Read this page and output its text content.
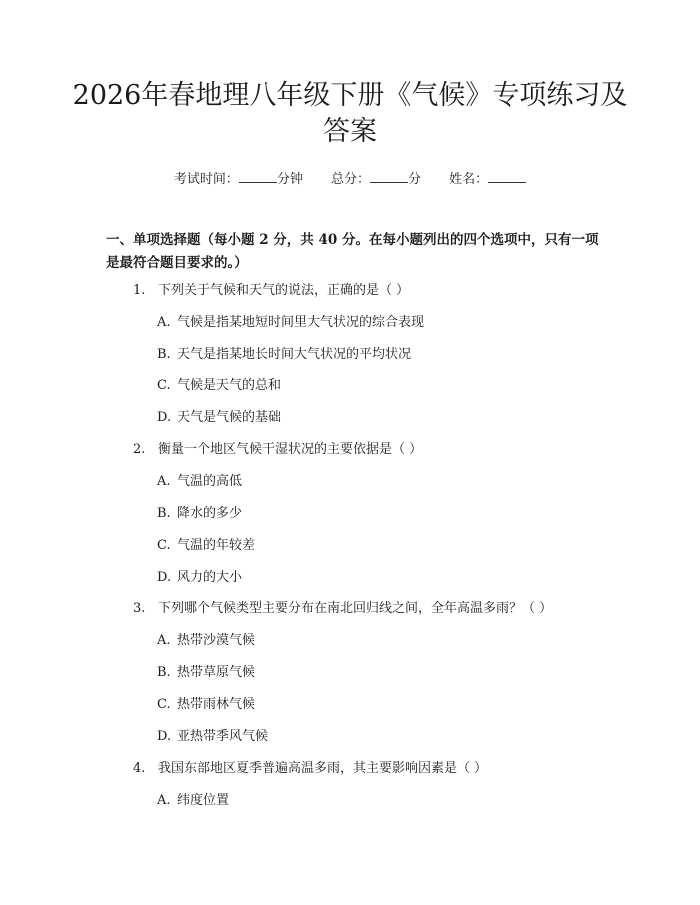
2026年春地理八年级下册《气候》专项练习及答案
考试时间：	分钟 总分：	分 姓名：

一、单项选择题（每小题 2 分，共 40 分。在每小题列出的四个选项中，只有一项是最符合题目要求的。）

1. 下列关于气候和天气的说法，正确的是（ ）
A. 气候是指某地短时间里大气状况的综合表现
B. 天气是指某地长时间大气状况的平均状况
C. 气候是天气的总和
D. 天气是气候的基础
2. 衡量一个地区气候干湿状况的主要依据是（ ）
A. 气温的高低
B. 降水的多少
C. 气温的年较差
D. 风力的大小
3. 下列哪个气候类型主要分布在南北回归线之间，全年高温多雨？（ ）
A. 热带沙漠气候
B. 热带草原气候
C. 热带雨林气候
D. 亚热带季风气候
4. 我国东部地区夏季普遍高温多雨，其主要影响因素是（ ）
A. 纬度位置
